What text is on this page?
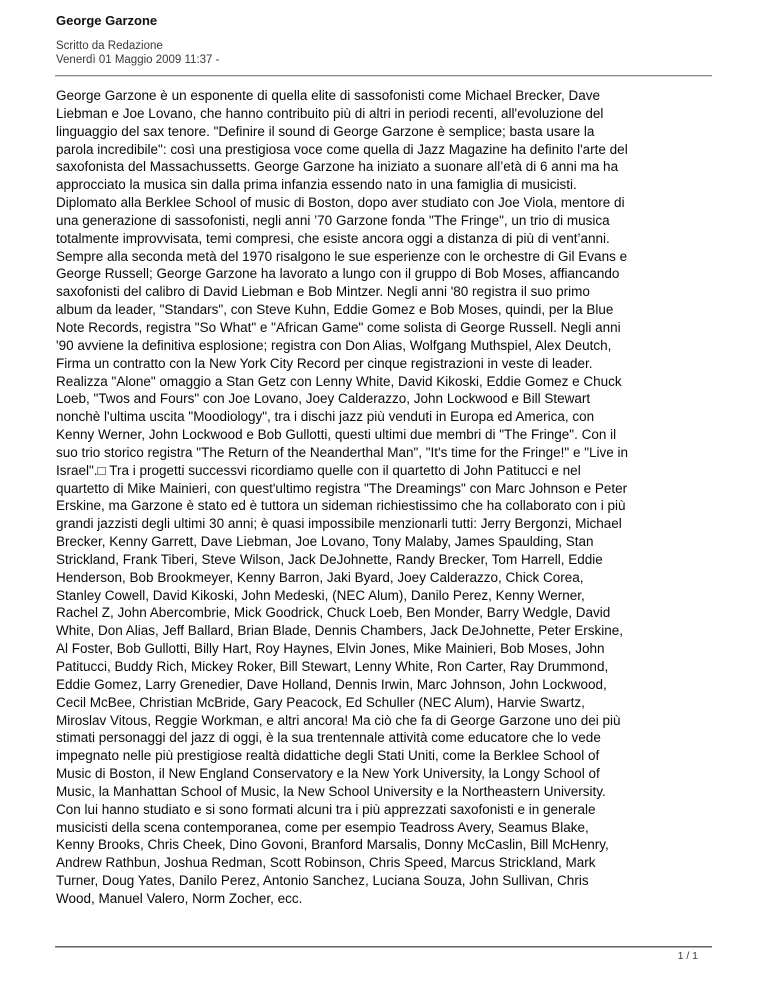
George Garzone
Scritto da Redazione
Venerdì 01 Maggio 2009 11:37 -
George Garzone è un esponente di quella elite di sassofonisti come Michael Brecker, Dave
Liebman e Joe Lovano, che hanno contribuito più di altri in periodi recenti, all'evoluzione del
linguaggio del sax tenore. "Definire il sound di George Garzone è semplice; basta usare la
parola incredibile": così una prestigiosa voce come quella di Jazz Magazine ha definito l'arte del
saxofonista del Massachussetts. George Garzone ha iniziato a suonare all’età di 6 anni ma ha
approcciato la musica sin dalla prima infanzia essendo nato in una famiglia di musicisti.
Diplomato alla Berklee School of music di Boston, dopo aver studiato con Joe Viola, mentore di
una generazione di sassofonisti, negli anni ’70 Garzone fonda "The Fringe", un trio di musica
totalmente improvvisata, temi compresi, che esiste ancora oggi a distanza di più di vent’anni.
Sempre alla seconda metà del 1970 risalgono le sue esperienze con le orchestre di Gil Evans e
George Russell; George Garzone ha lavorato a lungo con il gruppo di Bob Moses, affiancando
saxofonisti del calibro di David Liebman e Bob Mintzer. Negli anni '80 registra il suo primo
album da leader, "Standars", con Steve Kuhn, Eddie Gomez e Bob Moses, quindi, per la Blue
Note Records, registra "So What" e "African Game" come solista di George Russell. Negli anni
'90 avviene la definitiva esplosione; registra con Don Alias, Wolfgang Muthspiel, Alex Deutch,
Firma un contratto con la New York City Record per cinque registrazioni in veste di leader.
Realizza "Alone" omaggio a Stan Getz con Lenny White, David Kikoski, Eddie Gomez e Chuck
Loeb, "Twos and Fours" con Joe Lovano, Joey Calderazzo, John Lockwood e Bill Stewart
nonchè l'ultima uscita "Moodiology", tra i dischi jazz più venduti in Europa ed America, con
Kenny Werner, John Lockwood e Bob Gullotti, questi ultimi due membri di "The Fringe". Con il
suo trio storico registra "The Return of the Neanderthal Man", "It's time for the Fringe!" e "Live in
Israel".□ Tra i progetti successvi ricordiamo quelle con il quartetto di John Patitucci e nel
quartetto di Mike Mainieri, con quest'ultimo registra "The Dreamings" con Marc Johnson e Peter
Erskine, ma Garzone è stato ed è tuttora un sideman richiestissimo che ha collaborato con i più
grandi jazzisti degli ultimi 30 anni; è quasi impossibile menzionarli tutti: Jerry Bergonzi, Michael
Brecker, Kenny Garrett, Dave Liebman, Joe Lovano, Tony Malaby, James Spaulding, Stan
Strickland, Frank Tiberi, Steve Wilson, Jack DeJohnette, Randy Brecker, Tom Harrell, Eddie
Henderson, Bob Brookmeyer, Kenny Barron, Jaki Byard, Joey Calderazzo, Chick Corea,
Stanley Cowell, David Kikoski, John Medeski, (NEC Alum), Danilo Perez, Kenny Werner,
Rachel Z, John Abercombrie, Mick Goodrick, Chuck Loeb, Ben Monder, Barry Wedgle, David
White, Don Alias, Jeff Ballard, Brian Blade, Dennis Chambers, Jack DeJohnette, Peter Erskine,
Al Foster, Bob Gullotti, Billy Hart, Roy Haynes, Elvin Jones, Mike Mainieri, Bob Moses, John
Patitucci, Buddy Rich, Mickey Roker, Bill Stewart, Lenny White, Ron Carter, Ray Drummond,
Eddie Gomez, Larry Grenedier, Dave Holland, Dennis Irwin, Marc Johnson, John Lockwood,
Cecil McBee, Christian McBride, Gary Peacock, Ed Schuller (NEC Alum), Harvie Swartz,
Miroslav Vitous, Reggie Workman, e altri ancora! Ma ciò che fa di George Garzone uno dei più
stimati personaggi del jazz di oggi, è la sua trentennale attività come educatore che lo vede
impegnato nelle più prestigiose realtà didattiche degli Stati Uniti, come la Berklee School of
Music di Boston, il New England Conservatory e la New York University, la Longy School of
Music, la Manhattan School of Music, la New School University e la Northeastern University.
Con lui hanno studiato e si sono formati alcuni tra i più apprezzati saxofonisti e in generale
musicisti della scena contemporanea, come per esempio Teadross Avery, Seamus Blake,
Kenny Brooks, Chris Cheek, Dino Govoni, Branford Marsalis, Donny McCaslin, Bill McHenry,
Andrew Rathbun, Joshua Redman, Scott Robinson, Chris Speed, Marcus Strickland, Mark
Turner, Doug Yates, Danilo Perez, Antonio Sanchez, Luciana Souza, John Sullivan, Chris
Wood, Manuel Valero, Norm Zocher, ecc.
1 / 1
